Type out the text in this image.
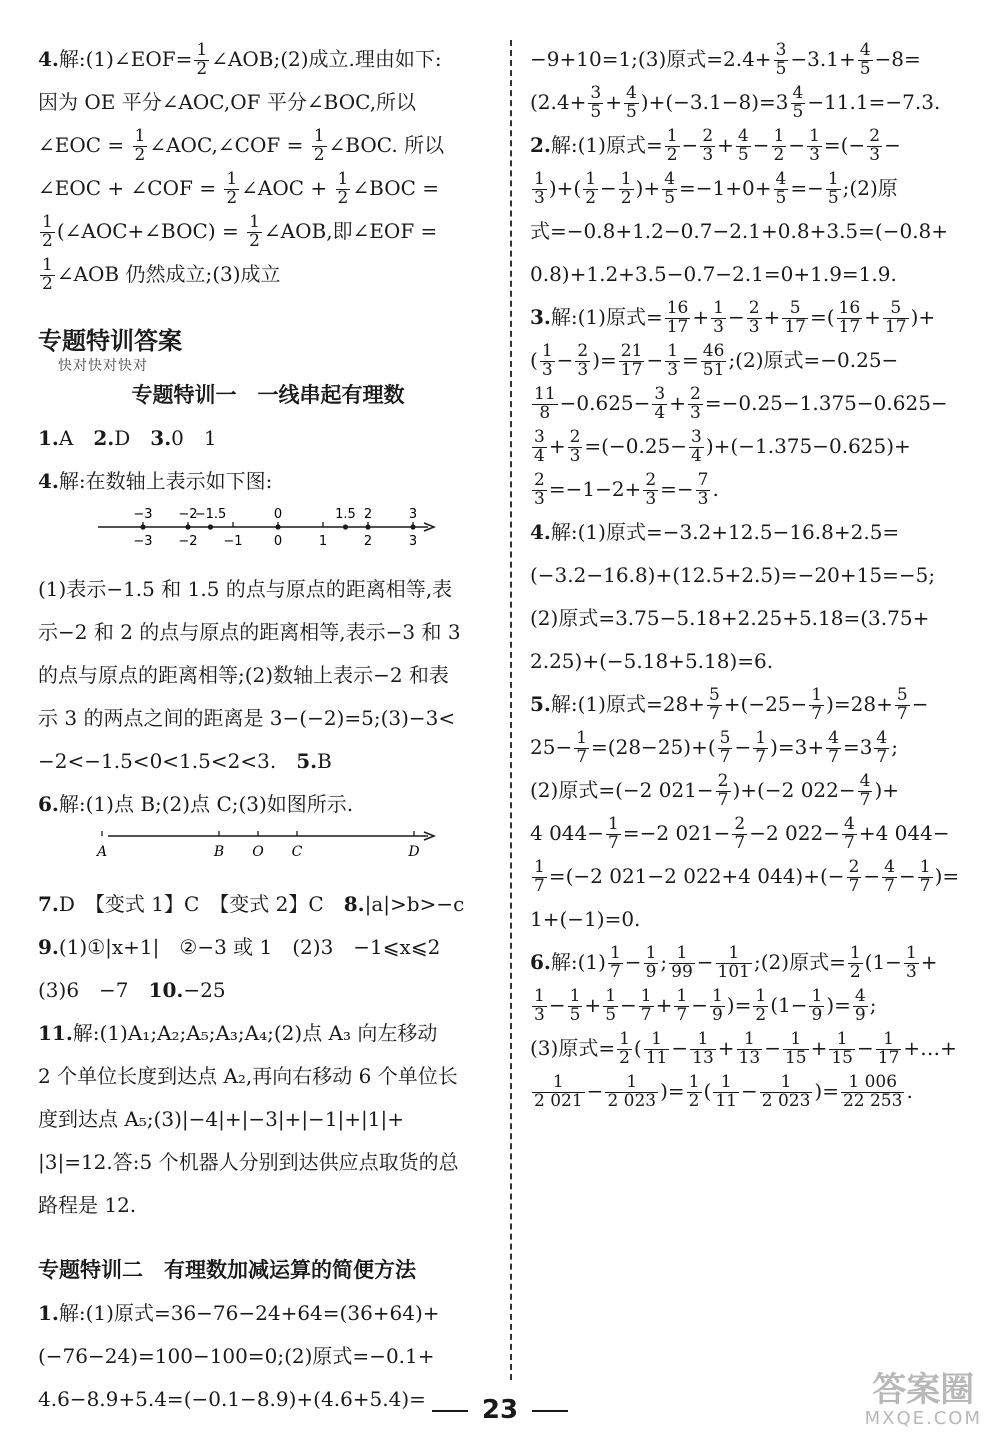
4.解:(1)∠EOF= $\frac{1}{2}$ ∠AOB;(2)成立.理由如下:
因为 OE 平分∠AOC,OF 平分∠BOC,所以
∠EOC = $\frac{1}{2}$ ∠AOC,∠COF = $\frac{1}{2}$ ∠BOC. 所以
∠EOC + ∠COF = $\frac{1}{2}$ ∠AOC + $\frac{1}{2}$ ∠BOC =
$\frac{1}{2}$ (∠AOC+∠BOC) = $\frac{1}{2}$ ∠AOB,即∠EOF =
$\frac{1}{2}$ ∠AOB 仍然成立;(3)成立
专题特训答案
快对快对快对
专题特训一　一线串起有理数
1.A　2.D　3.0　1
4.解:在数轴上表示如下图:
−3 −2 −1 0	1	2	3
−3 −2
−1.5	0	1.5 2	3
(1)表示−1.5 和 1.5 的点与原点的距离相等,表
示−2 和 2 的点与原点的距离相等,表示−3 和 3
的点与原点的距离相等;(2)数轴上表示−2 和表
示 3 的两点之间的距离是 3−(−2)=5;(3)−3<
−2<−1.5<0<1.5<2<3.　5.B
6.解:(1)点 B;(2)点 C;(3)如图所示.
A	B O C	D
7.D　【变式 1】C　【变式 2】C　8.|a|>b>−c
9.(1)①|x+1|　②−3 或 1　(2)3　−1⩽x⩽2
(3)6　−7　10.−25
11.解:(1)A₁;A₂;A₅;A₃;A₄;(2)点 A₃ 向左移动
2 个单位长度到达点 A₂,再向右移动 6 个单位长
度到达点 A₅;(3)|−4|+|−3|+|−1|+|1|+
|3|=12.答:5 个机器人分别到达供应点取货的总
路程是 12.
专题特训二　有理数加减运算的简便方法
1.解:(1)原式=36−76−24+64=(36+64)+
(−76−24)=100−100=0;(2)原式=−0.1+
4.6−8.9+5.4=(−0.1−8.9)+(4.6+5.4)=
−9+10=1;(3)原式$=2.4+ \frac{3}{5} -3.1+ \frac{4}{5} -8=$
$(2.4+ \frac{3}{5} + \frac{4}{5} )+(-3.1-8)=3 \frac{4}{5} -11.1=-7.3$.
2.解:(1)原式= $\frac{1}{2} - \frac{2}{3} + \frac{4}{5} - \frac{1}{2} - \frac{1}{3}$ =(− $\frac{2}{3}$ −
$\frac{1}{3}$ )+( $\frac{1}{2} - \frac{1}{2}$ )+ $\frac{4}{5} =-1+0+ \frac{4}{5} =- \frac{1}{5}$ ;(2)原
式=−0.8+1.2−0.7−2.1+0.8+3.5=(−0.8+
0.8)+1.2+3.5−0.7−2.1=0+1.9=1.9.
3.解:(1)原式= $\frac{16}{17} + \frac{1}{3} - \frac{2}{3} + \frac{5}{17}$ =( $\frac{16}{17} + \frac{5}{17}$ )+
( $\frac{1}{3} - \frac{2}{3}$ )= $\frac{21}{17} - \frac{1}{3} = \frac{46}{51}$ ;(2)原式=−0.25−
$\frac{11}{8} -0.625- \frac{3}{4} + \frac{2}{3} =-0.25-1.375-0.625-$
$\frac{3}{4} + \frac{2}{3} =(-0.25- \frac{3}{4} )+(-1.375-0.625)+$
$\frac{2}{3} =-1-2+ \frac{2}{3} =- \frac{7}{3}$ .
4.解:(1)原式=−3.2+12.5−16.8+2.5=
(−3.2−16.8)+(12.5+2.5)=−20+15=−5;
(2)原式=3.75−5.18+2.25+5.18=(3.75+
2.25)+(−5.18+5.18)=6.
5.解:(1)原式$=28+ \frac{5}{7} +(-25- \frac{1}{7} )=28+ \frac{5}{7}$ −
$25- \frac{1}{7} =(28-25)+( \frac{5}{7} - \frac{1}{7} )=3+ \frac{4}{7} =3 \frac{4}{7}$ ;
(2)原式=(−2 $021- \frac{2}{7} )+(-2$ $022- \frac{4}{7}$ )+
4 $044- \frac{1}{7} =-2$ $021- \frac{2}{7} -2$ $022- \frac{4}{7} +4$ 044−
$\frac{1}{7} =(-2$ 021−2 022+4 $044)+(- \frac{2}{7} - \frac{4}{7} - \frac{1}{7}$ )=
1+(−1)=0.
6.解:(1) $\frac{1}{7} - \frac{1}{9}$ ; $\frac{1}{99} - \frac{1}{101}$ ;(2)原式= $\frac{1}{2} (1- \frac{1}{3}$ +
$\frac{1}{3} - \frac{1}{5} + \frac{1}{5} - \frac{1}{7} + \frac{1}{7} - \frac{1}{9}$ )= $\frac{1}{2} (1- \frac{1}{9}$ )= $\frac{4}{9}$ ;
(3)原式= $\frac{1}{2}$ ( $\frac{1}{11} - \frac{1}{13} + \frac{1}{13} - \frac{1}{15} + \frac{1}{15} - \frac{1}{17}$ +…+
$\frac{1}{2 021} - \frac{1}{2 023}$ )= $\frac{1}{2}$ ( $\frac{1}{11} - \frac{1}{2 023}$ )= $\frac{1 006}{22 253}$ .
23	答案圈
MXQE.COM
